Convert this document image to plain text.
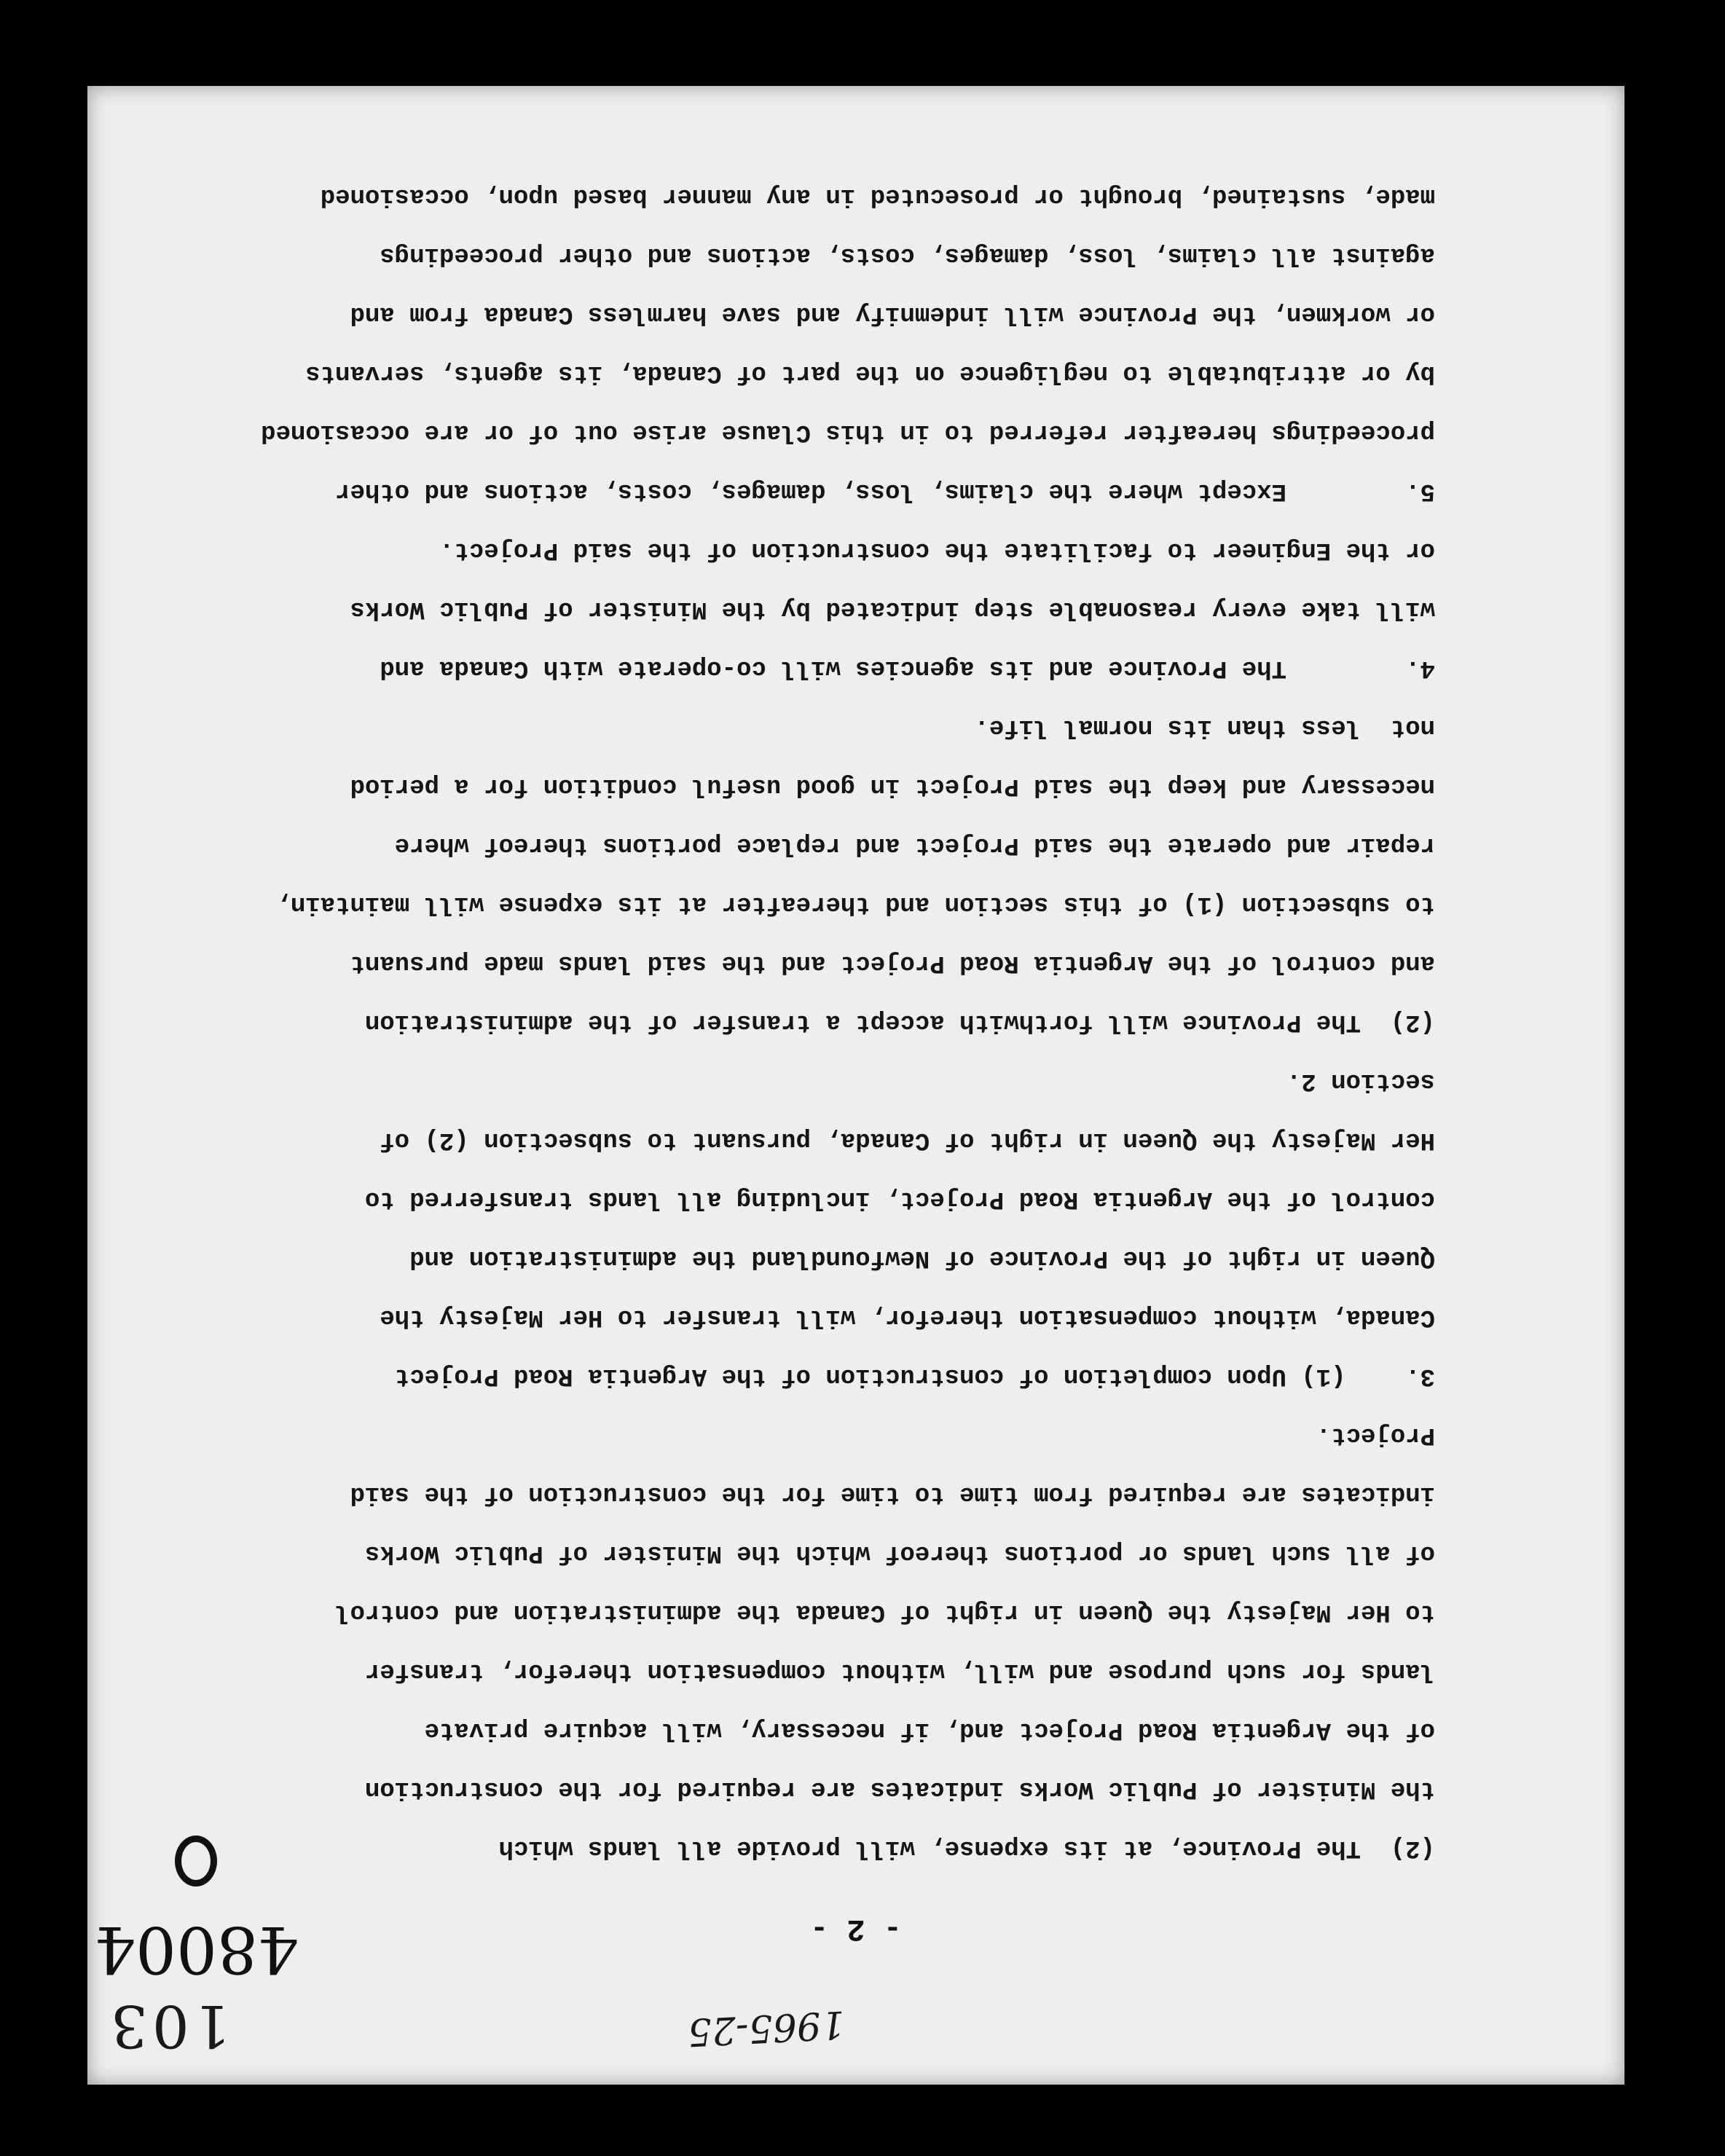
1965-25
103
48004	- 2 -
(2)  The Province, at its expense, will provide all lands which
the Minister of Public Works indicates are required for the construction
of the Argentia Road Project and, if necessary, will acquire private
lands for such purpose and will, without compensation therefor, transfer
to Her Majesty the Queen in right of Canada the administration and control
of all such lands or portions thereof which the Minister of Public Works
indicates are required from time to time for the construction of the said
Project.
3.    (1) Upon completion of construction of the Argentia Road Project
Canada, without compensation therefor, will transfer to Her Majesty the
Queen in right of the Province of Newfoundland the administration and
control of the Argentia Road Project, including all lands transferred to
Her Majesty the Queen in right of Canada, pursuant to subsection (2) of
section 2.
(2)  The Province will forthwith accept a transfer of the administration
and control of the Argentia Road Project and the said lands made pursuant
to subsection (1) of this section and thereafter at its expense will maintain,
repair and operate the said Project and replace portions thereof where
necessary and keep the said Project in good useful condition for a period
not  less than its normal life.
4.        The Province and its agencies will co-operate with Canada and
will take every reasonable step indicated by the Minister of Public Works
or the Engineer to facilitate the construction of the said Project.
5.        Except where the claims, loss, damages, costs, actions and other
proceedings hereafter referred to in this Clause arise out of or are occasioned
by or attributable to negligence on the part of Canada, its agents, servants
or workmen, the Province will indemnify and save harmless Canada from and
against all claims, loss, damages, costs, actions and other proceedings
made, sustained, brought or prosecuted in any manner based upon, occasioned
